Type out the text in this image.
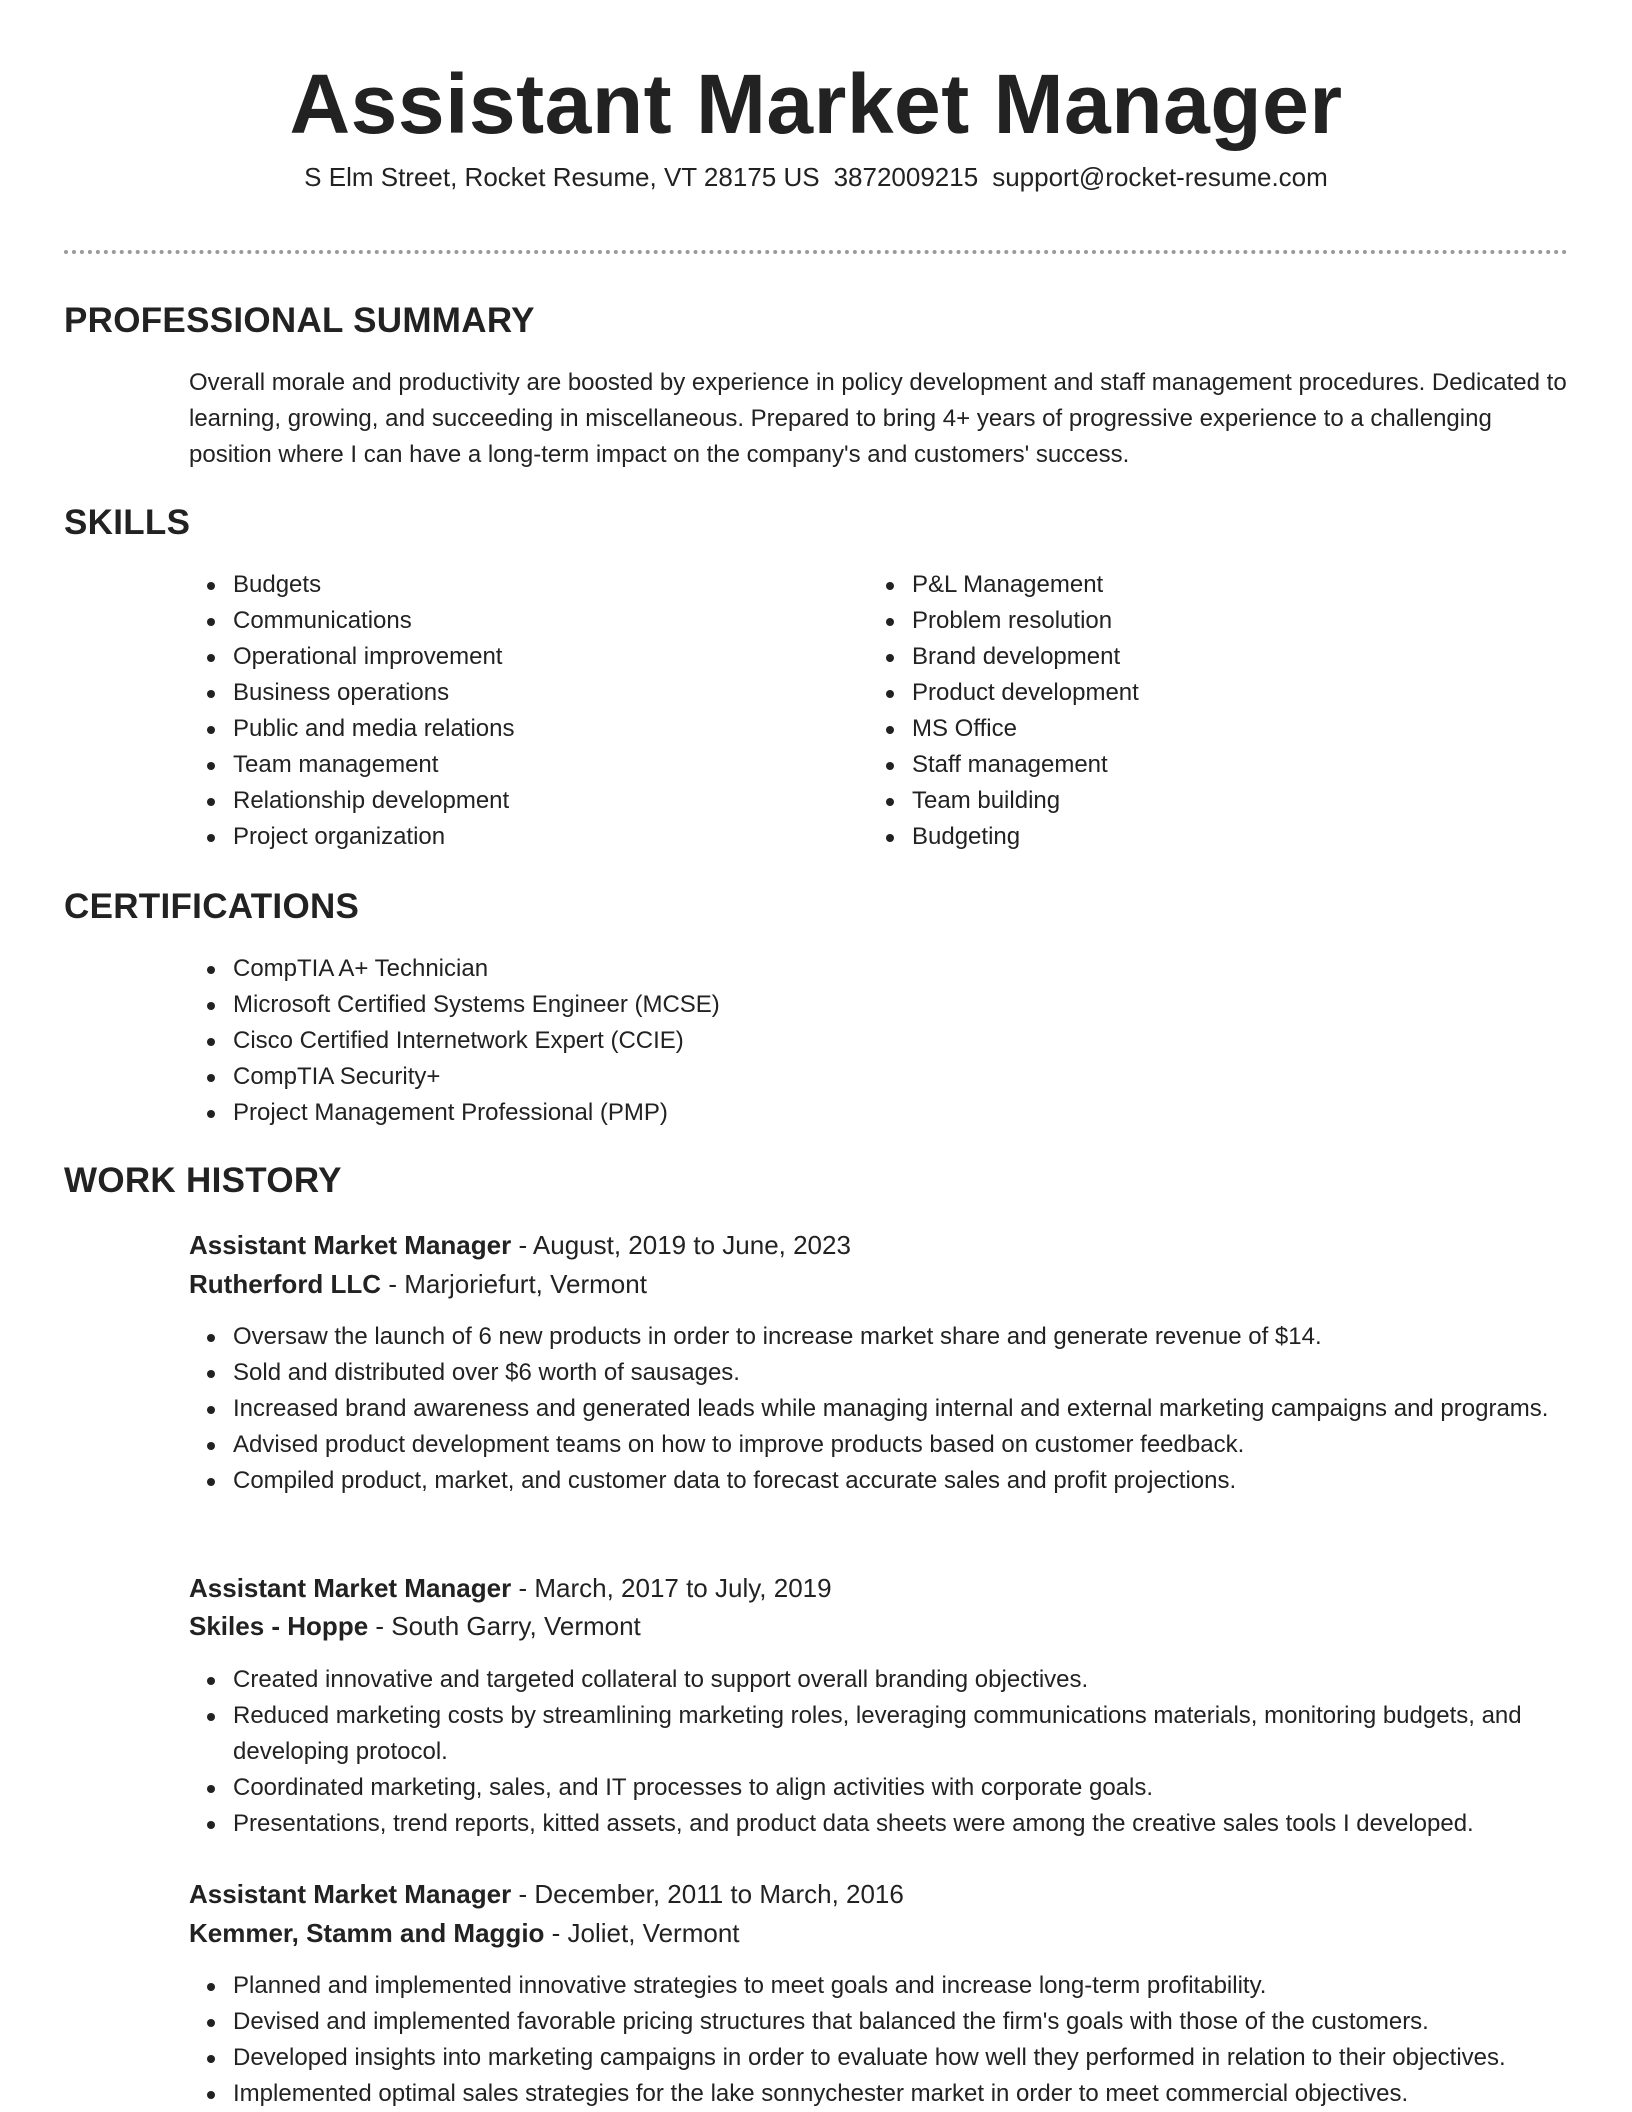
Assistant Market Manager
S Elm Street, Rocket Resume, VT 28175 US 3872009215 support@rocket-resume.com
PROFESSIONAL SUMMARY

Overall morale and productivity are boosted by experience in policy development and staff management procedures. Dedicated to learning, growing, and succeeding in miscellaneous. Prepared to bring 4+ years of progressive experience to a challenging position where I can have a long-term impact on the company's and customers' success.

SKILLS
Budgets
Communications
Operational improvement
Business operations
Public and media relations
Team management
Relationship development
Project organization
P&L Management
Problem resolution
Brand development
Product development
MS Office
Staff management
Team building
Budgeting
CERTIFICATIONS
CompTIA A+ Technician
Microsoft Certified Systems Engineer (MCSE)
Cisco Certified Internetwork Expert (CCIE)
CompTIA Security+
Project Management Professional (PMP)
WORK HISTORY
Assistant Market Manager - August, 2019 to June, 2023
Rutherford LLC - Marjoriefurt, Vermont
Oversaw the launch of 6 new products in order to increase market share and generate revenue of $14.
Sold and distributed over $6 worth of sausages.
Increased brand awareness and generated leads while managing internal and external marketing campaigns and programs.
Advised product development teams on how to improve products based on customer feedback.
Compiled product, market, and customer data to forecast accurate sales and profit projections.
Assistant Market Manager - March, 2017 to July, 2019
Skiles - Hoppe - South Garry, Vermont
Created innovative and targeted collateral to support overall branding objectives.
Reduced marketing costs by streamlining marketing roles, leveraging communications materials, monitoring budgets, and developing protocol.
Coordinated marketing, sales, and IT processes to align activities with corporate goals.
Presentations, trend reports, kitted assets, and product data sheets were among the creative sales tools I developed.
Assistant Market Manager - December, 2011 to March, 2016
Kemmer, Stamm and Maggio - Joliet, Vermont
Planned and implemented innovative strategies to meet goals and increase long-term profitability.
Devised and implemented favorable pricing structures that balanced the firm's goals with those of the customers.
Developed insights into marketing campaigns in order to evaluate how well they performed in relation to their objectives.
Implemented optimal sales strategies for the lake sonnychester market in order to meet commercial objectives.
